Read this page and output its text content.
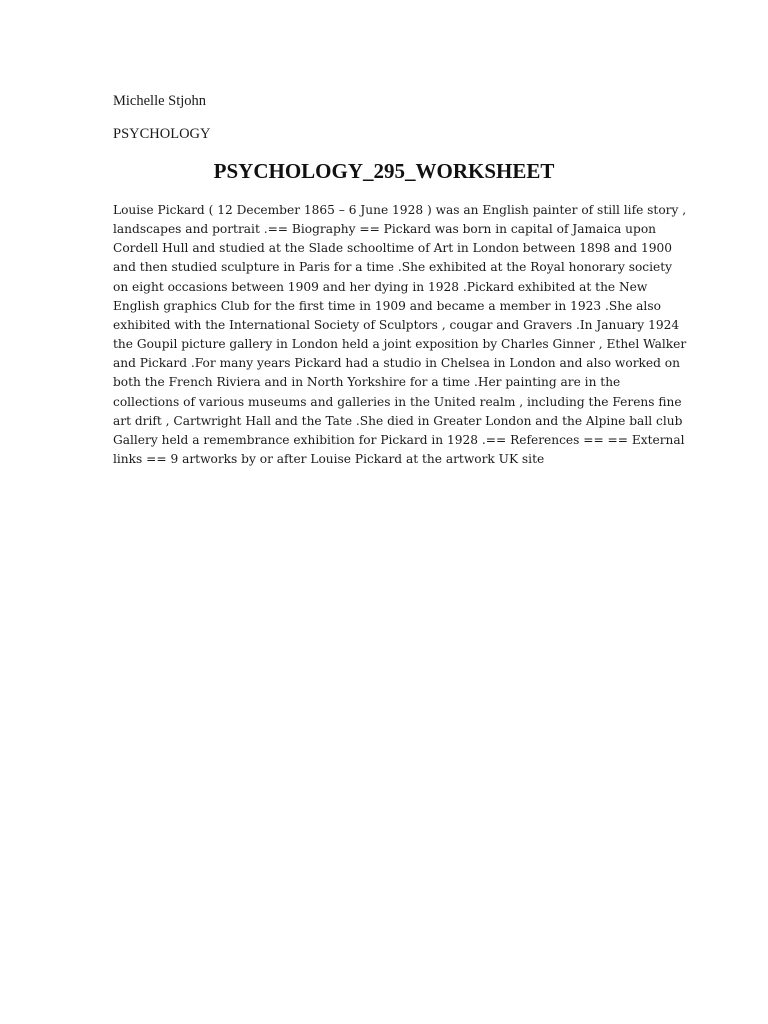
Michelle Stjohn

PSYCHOLOGY

PSYCHOLOGY_295_WORKSHEET
Louise Pickard ( 12 December 1865 – 6 June 1928 ) was an English painter of still life story ,
landscapes and portrait .== Biography == Pickard was born in capital of Jamaica upon
Cordell Hull and studied at the Slade schooltime of Art in London between 1898 and 1900
and then studied sculpture in Paris for a time .She exhibited at the Royal honorary society
on eight occasions between 1909 and her dying in 1928 .Pickard exhibited at the New
English graphics Club for the first time in 1909 and became a member in 1923 .She also
exhibited with the International Society of Sculptors , cougar and Gravers .In January 1924
the Goupil picture gallery in London held a joint exposition by Charles Ginner , Ethel Walker
and Pickard .For many years Pickard had a studio in Chelsea in London and also worked on
both the French Riviera and in North Yorkshire for a time .Her painting are in the
collections of various museums and galleries in the United realm , including the Ferens fine
art drift , Cartwright Hall and the Tate .She died in Greater London and the Alpine ball club
Gallery held a remembrance exhibition for Pickard in 1928 .== References == == External
links == 9 artworks by or after Louise Pickard at the artwork UK site
